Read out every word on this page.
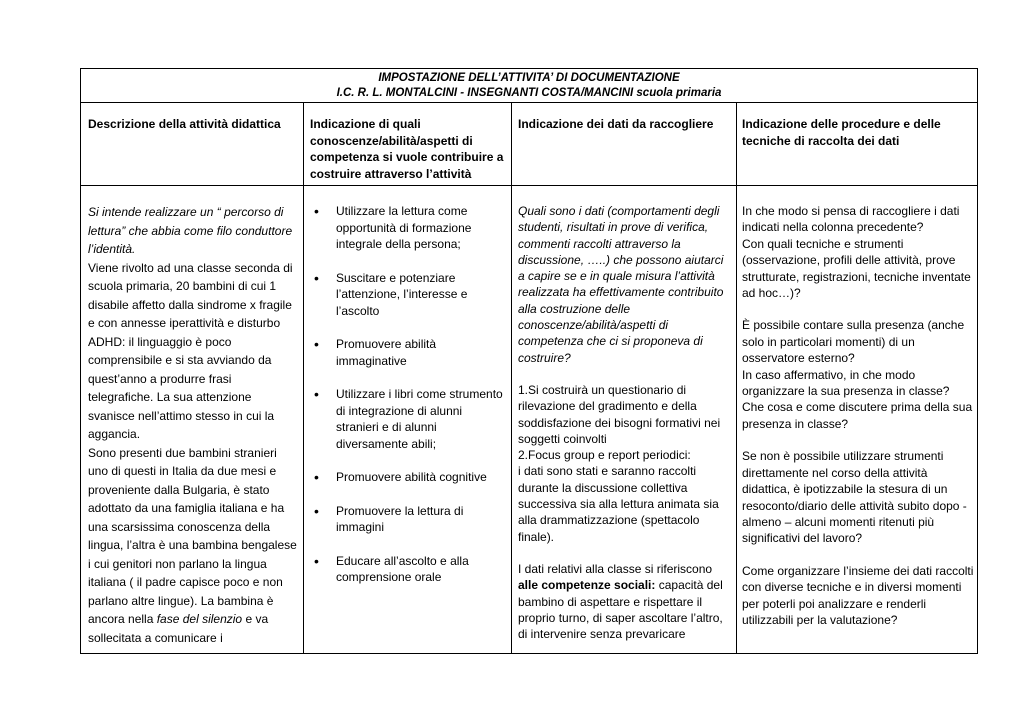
IMPOSTAZIONE DELL’ATTIVITA’ DI DOCUMENTAZIONE
I.C. R. L. MONTALCINI - INSEGNANTI COSTA/MANCINI scuola primaria
Descrizione della attività didattica	Indicazione di quali conoscenze/abilità/aspetti di competenza si vuole contribuire a costruire attraverso l’attività
Indicazione dei dati da raccogliere	Indicazione delle procedure e delle tecniche di raccolta dei dati

Si intende realizzare un “ percorso di lettura” che abbia come filo conduttore l’identità.

Viene rivolto ad una classe seconda di scuola primaria, 20 bambini di cui 1 disabile affetto dalla sindrome x fragile e con annesse iperattività e disturbo ADHD: il linguaggio è poco comprensibile e si sta avviando da quest’anno a produrre frasi telegrafiche. La sua attenzione svanisce nell’attimo stesso in cui la aggancia.

Sono presenti due bambini stranieri uno di questi in Italia da due mesi e proveniente dalla Bulgaria, è stato adottato da una famiglia italiana e ha una scarsissima conoscenza della lingua, l’altra è una bambina bengalese i cui genitori non parlano la lingua italiana ( il padre capisce poco e non parlano altre lingue). La bambina è ancora nella fase del silenzio e va sollecitata a comunicare i

• Utilizzare la lettura come opportunità di formazione integrale della persona;
• Suscitare e potenziare l’attenzione, l’interesse e l’ascolto
• Promuovere abilità immaginative
• Utilizzare i libri come strumento di integrazione di alunni stranieri e di alunni diversamente abili;
• Promuovere abilità cognitive
• Promuovere la lettura di immagini
• Educare all’ascolto e alla comprensione orale

Quali sono i dati (comportamenti degli studenti, risultati in prove di verifica, commenti raccolti attraverso la discussione, …..) che possono aiutarci a capire se e in quale misura l’attività realizzata ha effettivamente contribuito alla costruzione delle conoscenze/abilità/aspetti di competenza che ci si proponeva di costruire?

1.Si costruirà un questionario di rilevazione del gradimento e della soddisfazione dei bisogni formativi nei soggetti coinvolti

2.Focus group e report periodici:

i dati sono stati e saranno raccolti durante la discussione collettiva successiva sia alla lettura animata sia alla drammatizzazione (spettacolo finale).

I dati relativi alla classe si riferiscono alle competenze sociali: capacità del bambino di aspettare e rispettare il proprio turno, di saper ascoltare l’altro, di intervenire senza prevaricare

In che modo si pensa di raccogliere i dati indicati nella colonna precedente?

Con quali tecniche e strumenti (osservazione, profili delle attività, prove strutturate, registrazioni, tecniche inventate ad hoc…)?

È possibile contare sulla presenza (anche solo in particolari momenti) di un osservatore esterno?

In caso affermativo, in che modo organizzare la sua presenza in classe? Che cosa e come discutere prima della sua presenza in classe?

Se non è possibile utilizzare strumenti direttamente nel corso della attività didattica, è ipotizzabile la stesura di un resoconto/diario delle attività subito dopo - almeno – alcuni momenti ritenuti più significativi del lavoro?

Come organizzare l’insieme dei dati raccolti con diverse tecniche e in diversi momenti per poterli poi analizzare e renderli utilizzabili per la valutazione?
